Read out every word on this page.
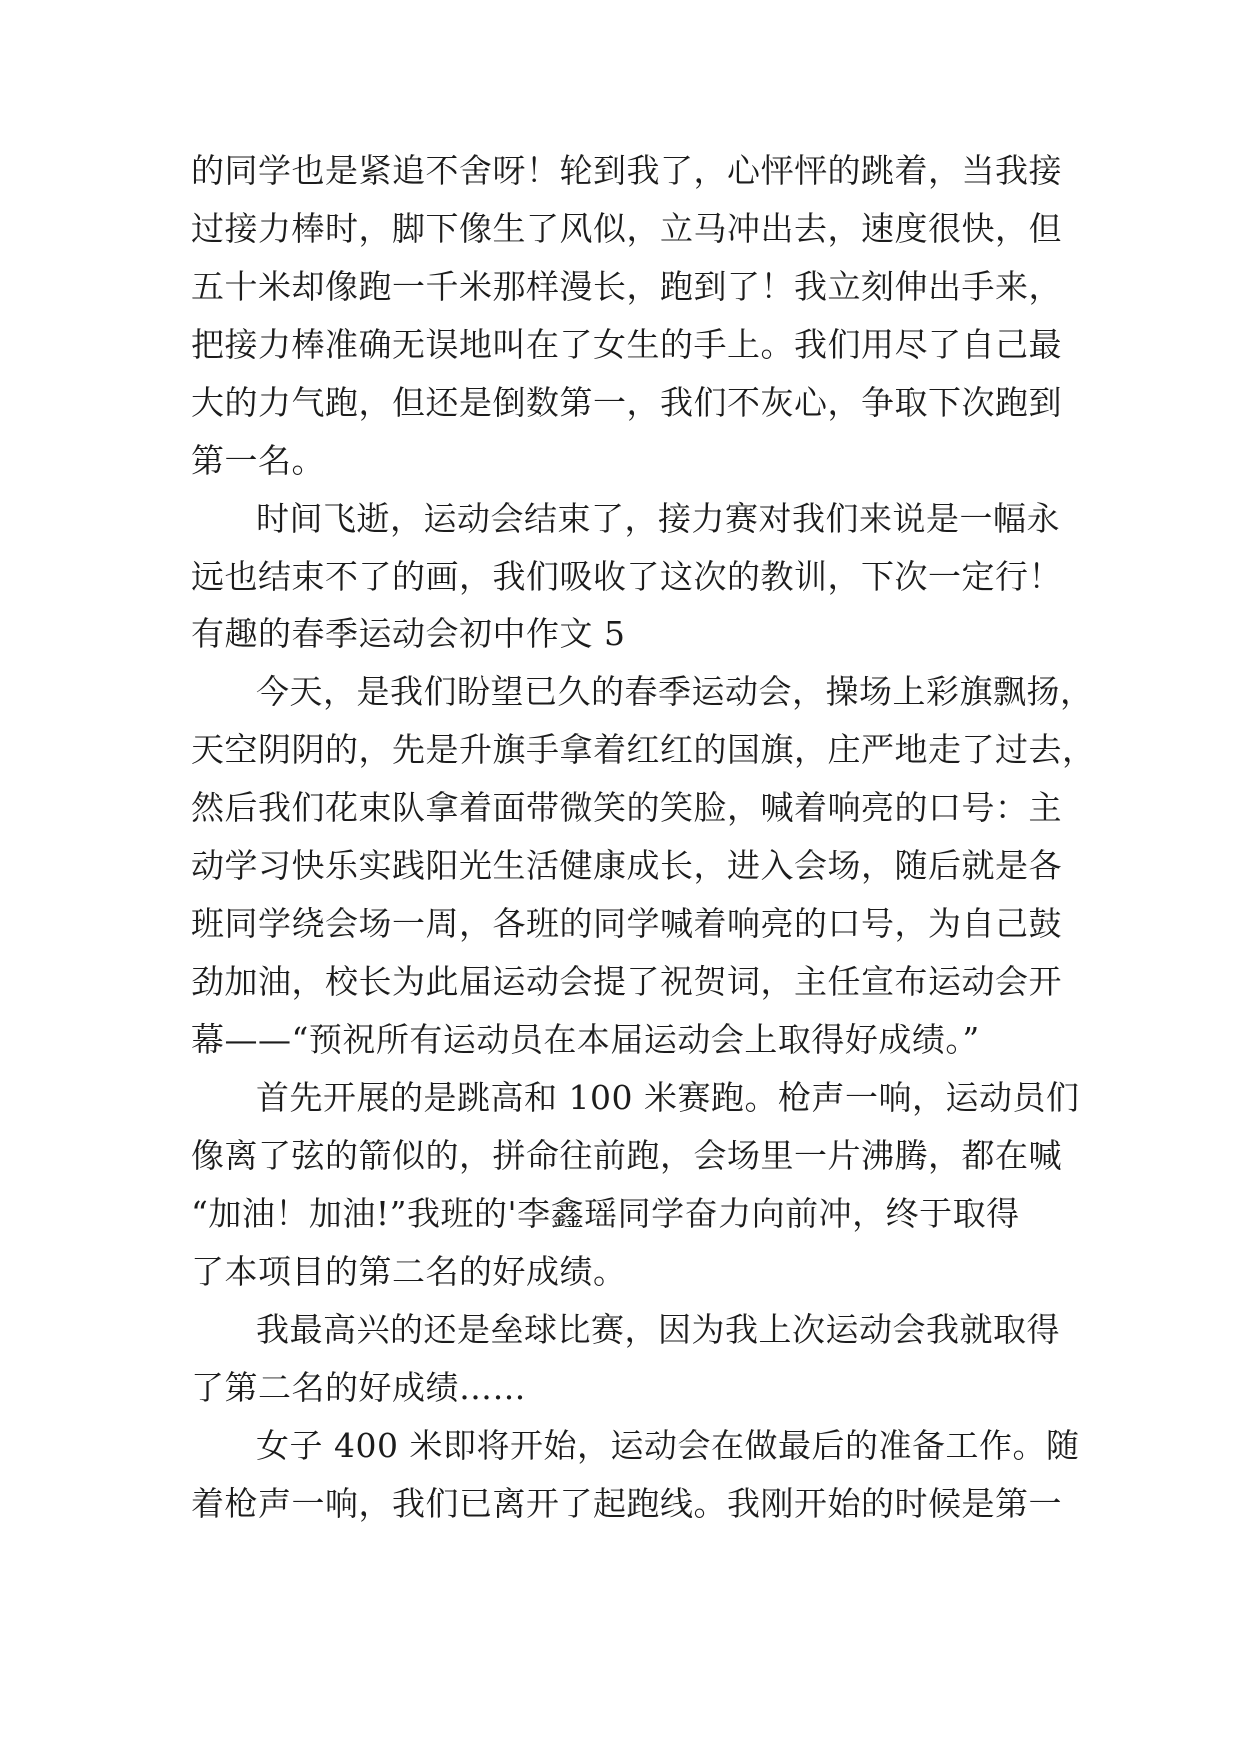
的同学也是紧追不舍呀！轮到我了，心怦怦的跳着，当我接
过接力棒时，脚下像生了风似，立马冲出去，速度很快，但
五十米却像跑一千米那样漫长，跑到了！我立刻伸出手来，
把接力棒准确无误地叫在了女生的手上。我们用尽了自己最
大的力气跑，但还是倒数第一，我们不灰心，争取下次跑到
第一名。
时间飞逝，运动会结束了，接力赛对我们来说是一幅永
远也结束不了的画，我们吸收了这次的教训，下次一定行！
有趣的春季运动会初中作文 5
今天，是我们盼望已久的春季运动会，操场上彩旗飘扬，
天空阴阴的，先是升旗手拿着红红的国旗，庄严地走了过去，
然后我们花束队拿着面带微笑的笑脸，喊着响亮的口号：主
动学习快乐实践阳光生活健康成长，进入会场，随后就是各
班同学绕会场一周，各班的同学喊着响亮的口号，为自己鼓
劲加油，校长为此届运动会提了祝贺词，主任宣布运动会开
幕——“预祝所有运动员在本届运动会上取得好成绩。”
首先开展的是跳高和 100 米赛跑。枪声一响，运动员们
像离了弦的箭似的，拼命往前跑，会场里一片沸腾，都在喊
“加油！加油!”我班的'李鑫瑶同学奋力向前冲，终于取得
了本项目的第二名的好成绩。
我最高兴的还是垒球比赛，因为我上次运动会我就取得
了第二名的好成绩……
女子 400 米即将开始，运动会在做最后的准备工作。随
着枪声一响，我们已离开了起跑线。我刚开始的时候是第一
